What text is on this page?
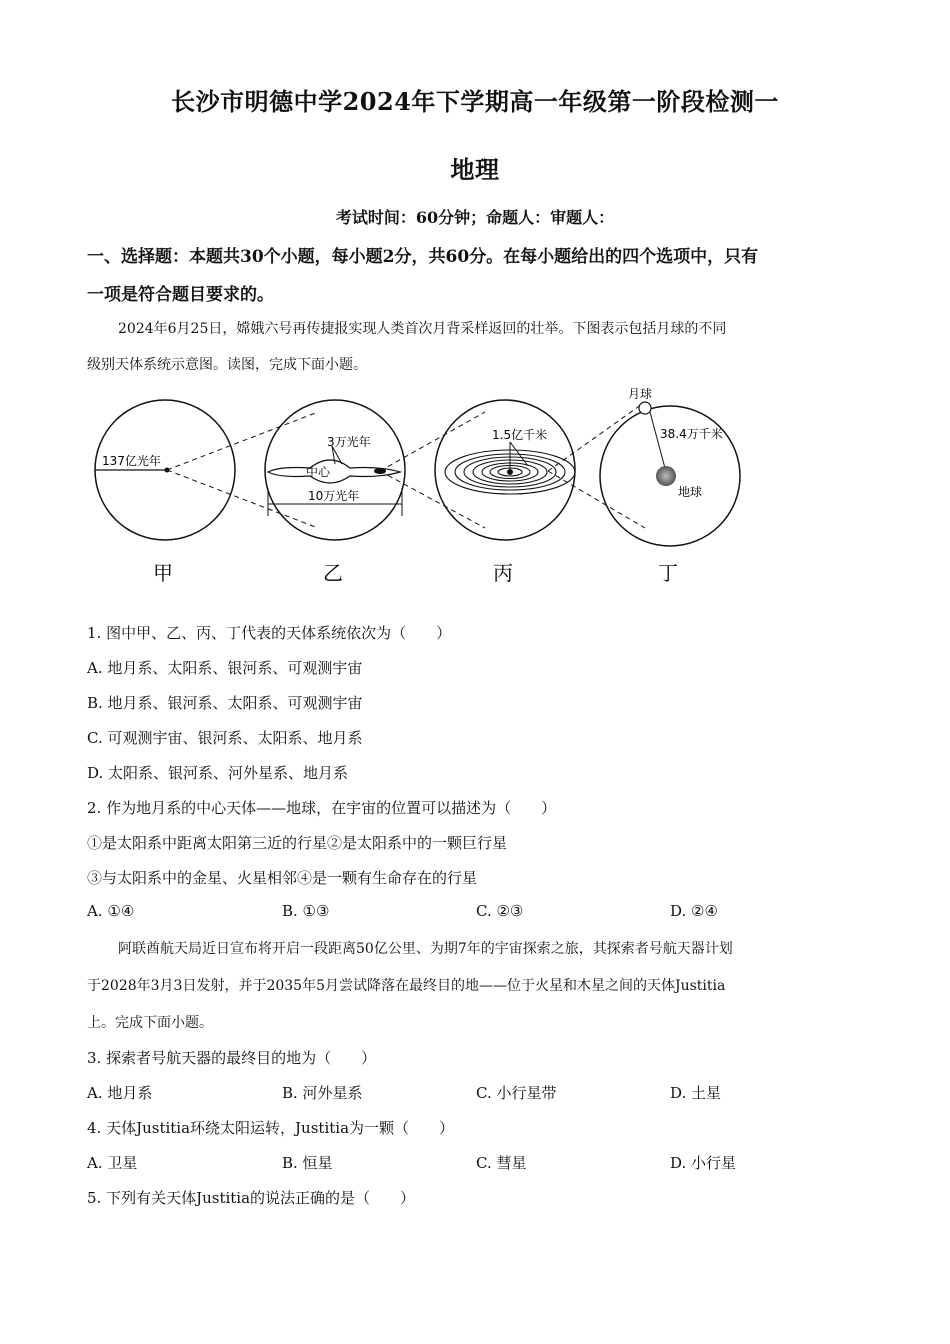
长沙市明德中学2024年下学期高一年级第一阶段检测一
地理
考试时间：60分钟；命题人：审题人：
一、选择题：本题共30个小题，每小题2分，共60分。在每小题给出的四个选项中，只有
一项是符合题目要求的。
2024年6月25日，嫦娥六号再传捷报实现人类首次月背采样返回的壮举。下图表示包括月球的不同
级别天体系统示意图。读图，完成下面小题。
137亿光年
3万光年
中心
10万光年
1.5亿千米
月球
38.4万千米
地球
甲	乙	丙	丁
1. 图中甲、乙、丙、丁代表的天体系统依次为（　　）
A. 地月系、太阳系、银河系、可观测宇宙
B. 地月系、银河系、太阳系、可观测宇宙
C. 可观测宇宙、银河系、太阳系、地月系
D. 太阳系、银河系、河外星系、地月系
2. 作为地月系的中心天体——地球，在宇宙的位置可以描述为（　　）
①是太阳系中距离太阳第三近的行星②是太阳系中的一颗巨行星
③与太阳系中的金星、火星相邻④是一颗有生命存在的行星
A. ①④	B. ①③	C. ②③	D. ②④
阿联酋航天局近日宣布将开启一段距离50亿公里、为期7年的宇宙探索之旅，其探索者号航天器计划
于2028年3月3日发射，并于2035年5月尝试降落在最终目的地——位于火星和木星之间的天体Justitia
上。完成下面小题。
3. 探索者号航天器的最终目的地为（　　）
A. 地月系	B. 河外星系	C. 小行星带	D. 土星
4. 天体Justitia环绕太阳运转，Justitia为一颗（　　）
A. 卫星	B. 恒星	C. 彗星	D. 小行星
5. 下列有关天体Justitia的说法正确的是（　　）
